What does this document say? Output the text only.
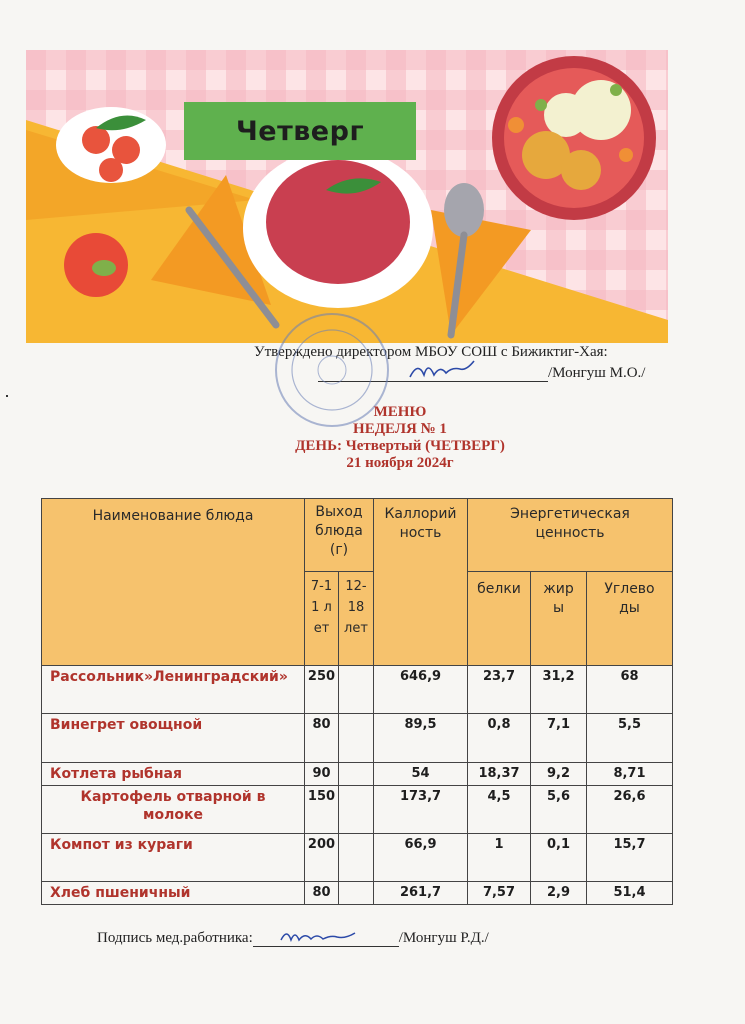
Четверг
Утверждено директором МБОУ СОШ с Бижиктиг-Хая:
/Монгуш М.О./
МЕНЮ
НЕДЕЛЯ № 1
ДЕНЬ: Четвертый (ЧЕТВЕРГ)
21 ноября 2024г
Наименование блюда	Выход блюда (г)		Каллорий ность	Энергетическая ценность		
	7-11 лет	12-18 лет		белки	жиры	Углеводы
Рассольник»Ленинградский»	250		646,9	23,7	31,2	68
Винегрет овощной	80		89,5	0,8	7,1	5,5
Котлета рыбная	90		54	18,37	9,2	8,71
Картофель отварной в молоке	150		173,7	4,5	5,6	26,6
Компот из кураги	200		66,9	1	0,1	15,7
Хлеб пшеничный	80		261,7	7,57	2,9	51,4
Подпись мед.работника:	/Монгуш Р.Д./
